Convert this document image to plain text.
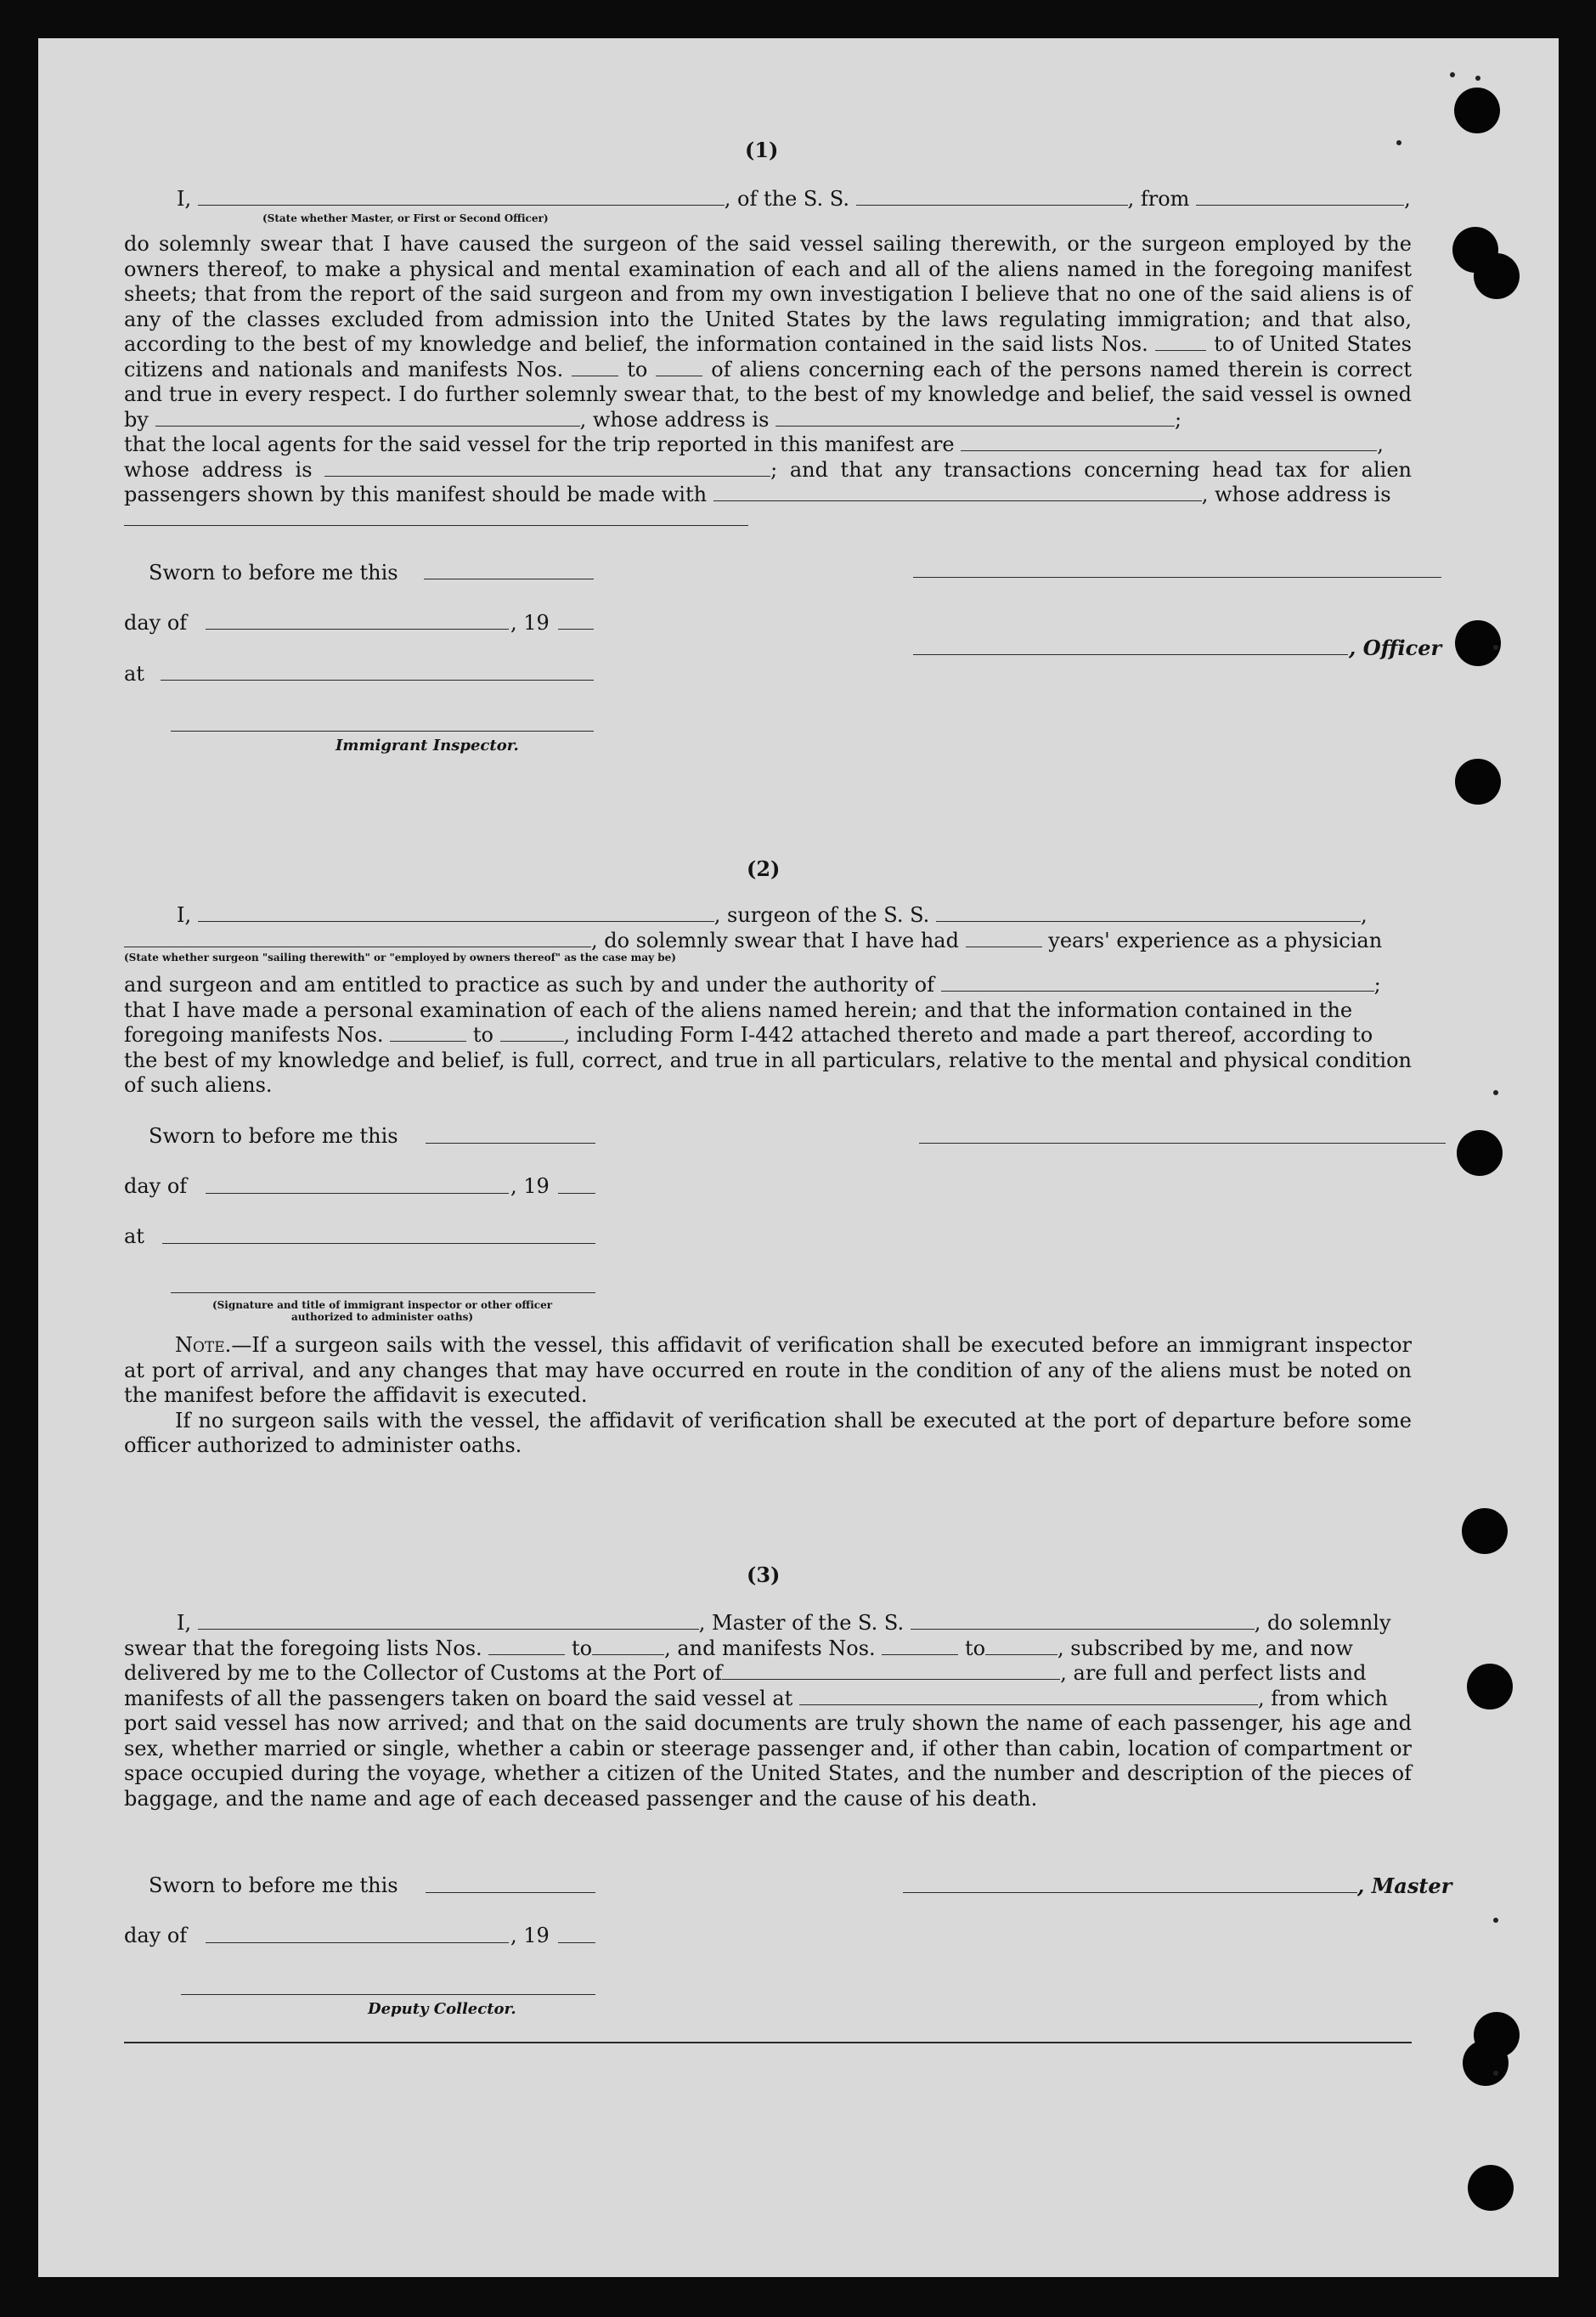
(1)

I,	, of the S. S.	, from	,

(State whether Master, or First or Second Officer)

do solemnly swear that I have caused the surgeon of the said vessel sailing therewith, or the surgeon employed by the owners thereof, to make a physical and mental examination of each and all of the aliens named in the foregoing manifest sheets; that from the report of the said surgeon and from my own investigation I believe that no one of the said aliens is of any of the classes excluded from admission into the United States by the laws regulating immigration; and that also, according to the best of my knowledge and belief, the information contained in the said lists Nos.	to of United States citizens and nationals and manifests Nos.	to	of aliens concerning each of the persons named therein is correct and true in every respect. I do further solemnly swear that, to the best of my knowledge and belief, the said vessel is owned by	, whose address is	;

that the local agents for the said vessel for the trip reported in this manifest are	,

whose address is	; and that any transactions concerning head tax for alien passengers shown by this manifest should be made with	, whose address is

Sworn to before me this
day of	, 19
, Officer
at
Immigrant Inspector.
(2)

I,	, surgeon of the S. S.	,

, do solemnly swear that I have had	years' experience as a physician

(State whether surgeon "sailing therewith" or "employed by owners thereof" as the case may be)

and surgeon and am entitled to practice as such by and under the authority of	;

that I have made a personal examination of each of the aliens named herein; and that the information contained in the

foregoing manifests Nos.	to	, including Form I-442 attached thereto and made a part thereof, according to

the best of my knowledge and belief, is full, correct, and true in all particulars, relative to the mental and physical condition of such aliens.

Sworn to before me this
day of	, 19
at
(Signature and title of immigrant inspector or other officer authorized to administer oaths)

Note.—If a surgeon sails with the vessel, this affidavit of verification shall be executed before an immigrant inspector at port of arrival, and any changes that may have occurred en route in the condition of any of the aliens must be noted on the manifest before the affidavit is executed.

If no surgeon sails with the vessel, the affidavit of verification shall be executed at the port of departure before some officer authorized to administer oaths.

(3)

I,	, Master of the S. S.	, do solemnly

swear that the foregoing lists Nos.	to	, and manifests Nos.	to	, subscribed by me, and now

delivered by me to the Collector of Customs at the Port of	, are full and perfect lists and

manifests of all the passengers taken on board the said vessel at	, from which

port said vessel has now arrived; and that on the said documents are truly shown the name of each passenger, his age and sex, whether married or single, whether a cabin or steerage passenger and, if other than cabin, location of compartment or space occupied during the voyage, whether a citizen of the United States, and the number and description of the pieces of baggage, and the name and age of each deceased passenger and the cause of his death.

Sworn to before me this	, Master
day of	, 19
Deputy Collector.
